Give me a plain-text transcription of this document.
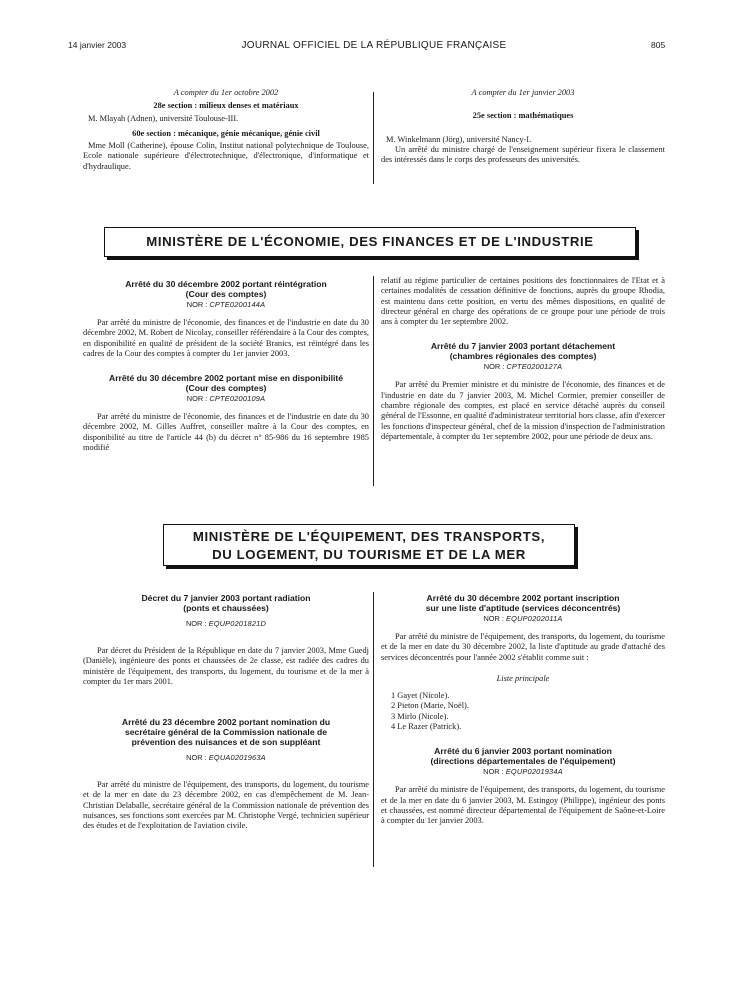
14 janvier 2003	JOURNAL OFFICIEL DE LA RÉPUBLIQUE FRANÇAISE	805
A compter du 1er octobre 2002
28e section : milieux denses et matériaux

M. Mlayah (Adnen), université Toulouse-III.

60e section : mécanique, génie mécanique, génie civil

Mme Moll (Catherine), épouse Colin, Institut national polytechnique de Toulouse, Ecole nationale supérieure d'électrotechnique, d'électronique, d'informatique et d'hydraulique.

A compter du 1er janvier 2003
25e section : mathématiques

M. Winkelmann (Jörg), université Nancy-I.

Un arrêté du ministre chargé de l'enseignement supérieur fixera le classement des intéressés dans le corps des professeurs des universités.

MINISTÈRE DE L'ÉCONOMIE, DES FINANCES ET DE L'INDUSTRIE
Arrêté du 30 décembre 2002 portant réintégration
(Cour des comptes)
NOR : CPTE0200144A

Par arrêté du ministre de l'économie, des finances et de l'industrie en date du 30 décembre 2002, M. Robert de Nicolay, conseiller référendaire à la Cour des comptes, en disponibilité en qualité de président de la société Branics, est réintégré dans les cadres de la Cour des comptes à compter du 1er janvier 2003.

Arrêté du 30 décembre 2002 portant mise en disponibilité
(Cour des comptes)
NOR : CPTE0200109A

Par arrêté du ministre de l'économie, des finances et de l'industrie en date du 30 décembre 2002, M. Gilles Auffret, conseiller maître à la Cour des comptes, en disponibilité au titre de l'article 44 (b) du décret n° 85-986 du 16 septembre 1985 modifié

relatif au régime particulier de certaines positions des fonctionnaires de l'Etat et à certaines modalités de cessation définitive de fonctions, auprès du groupe Rhodia, est maintenu dans cette position, en vertu des mêmes dispositions, en qualité de directeur général en charge des opérations de ce groupe pour une période de trois ans à compter du 1er septembre 2002.

Arrêté du 7 janvier 2003 portant détachement
(chambres régionales des comptes)
NOR : CPTE0200127A

Par arrêté du Premier ministre et du ministre de l'économie, des finances et de l'industrie en date du 7 janvier 2003, M. Michel Cormier, premier conseiller de chambre régionale des comptes, est placé en service détaché auprès du conseil général de l'Essonne, en qualité d'administrateur territorial hors classe, afin d'exercer les fonctions d'inspecteur général, chef de la mission d'inspection de l'administration départementale, à compter du 1er septembre 2002, pour une période de deux ans.

MINISTÈRE DE L'ÉQUIPEMENT, DES TRANSPORTS,
DU LOGEMENT, DU TOURISME ET DE LA MER
Décret du 7 janvier 2003 portant radiation
(ponts et chaussées)
NOR : EQUP0201821D

Par décret du Président de la République en date du 7 janvier 2003, Mme Guedj (Danièle), ingénieure des ponts et chaussées de 2e classe, est radiée des cadres du ministère de l'équipement, des transports, du logement, du tourisme et de la mer à compter du 1er mars 2001.

Arrêté du 23 décembre 2002 portant nomination du
secrétaire général de la Commission nationale de
prévention des nuisances et de son suppléant
NOR : EQUA0201963A

Par arrêté du ministre de l'équipement, des transports, du logement, du tourisme et de la mer en date du 23 décembre 2002, en cas d'empêchement de M. Jean-Christian Delaballe, secrétaire général de la Commission nationale de prévention des nuisances, ses fonctions sont exercées par M. Christophe Vergé, technicien supérieur des études et de l'exploitation de l'aviation civile.

Arrêté du 30 décembre 2002 portant inscription
sur une liste d'aptitude (services déconcentrés)
NOR : EQUP0202011A

Par arrêté du ministre de l'équipement, des transports, du logement, du tourisme et de la mer en date du 30 décembre 2002, la liste d'aptitude au grade d'attaché des services déconcentrés pour l'année 2002 s'établit comme suit :

Liste principale
1 Gayet (Nicole).
2 Pieton (Marie, Noël).
3 Mirlo (Nicole).
4 Le Razer (Patrick).
Arrêté du 6 janvier 2003 portant nomination
(directions départementales de l'équipement)
NOR : EQUP0201934A

Par arrêté du ministre de l'équipement, des transports, du logement, du tourisme et de la mer en date du 6 janvier 2003, M. Estingoy (Philippe), ingénieur des ponts et chaussées, est nommé directeur départemental de l'équipement de Saône-et-Loire à compter du 1er janvier 2003.
